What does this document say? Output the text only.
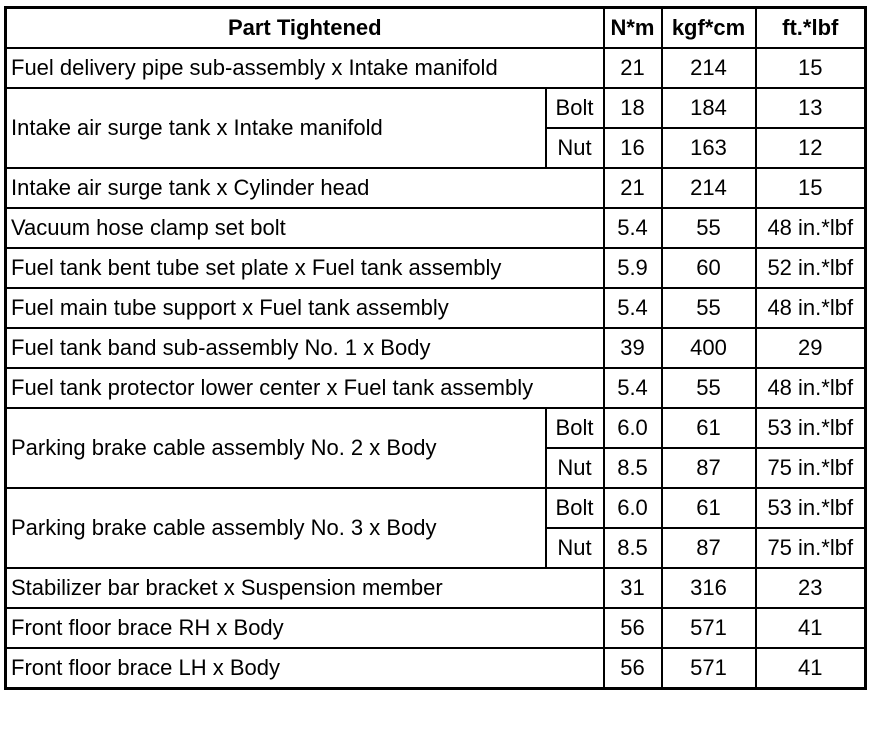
Part Tightened		N*m	kgf*cm	ft.*lbf
Fuel delivery pipe sub-assembly x Intake manifold		21	214	15
Intake air surge tank x Intake manifold	Bolt	18	184	13
	Nut	16	163	12
Intake air surge tank x Cylinder head		21	214	15
Vacuum hose clamp set bolt		5.4	55	48 in.*lbf
Fuel tank bent tube set plate x Fuel tank assembly		5.9	60	52 in.*lbf
Fuel main tube support x Fuel tank assembly		5.4	55	48 in.*lbf
Fuel tank band sub-assembly No. 1 x Body		39	400	29
Fuel tank protector lower center x Fuel tank assembly		5.4	55	48 in.*lbf
Parking brake cable assembly No. 2 x Body	Bolt	6.0	61	53 in.*lbf
	Nut	8.5	87	75 in.*lbf
Parking brake cable assembly No. 3 x Body	Bolt	6.0	61	53 in.*lbf
	Nut	8.5	87	75 in.*lbf
Stabilizer bar bracket x Suspension member		31	316	23
Front floor brace RH x Body		56	571	41
Front floor brace LH x Body		56	571	41
